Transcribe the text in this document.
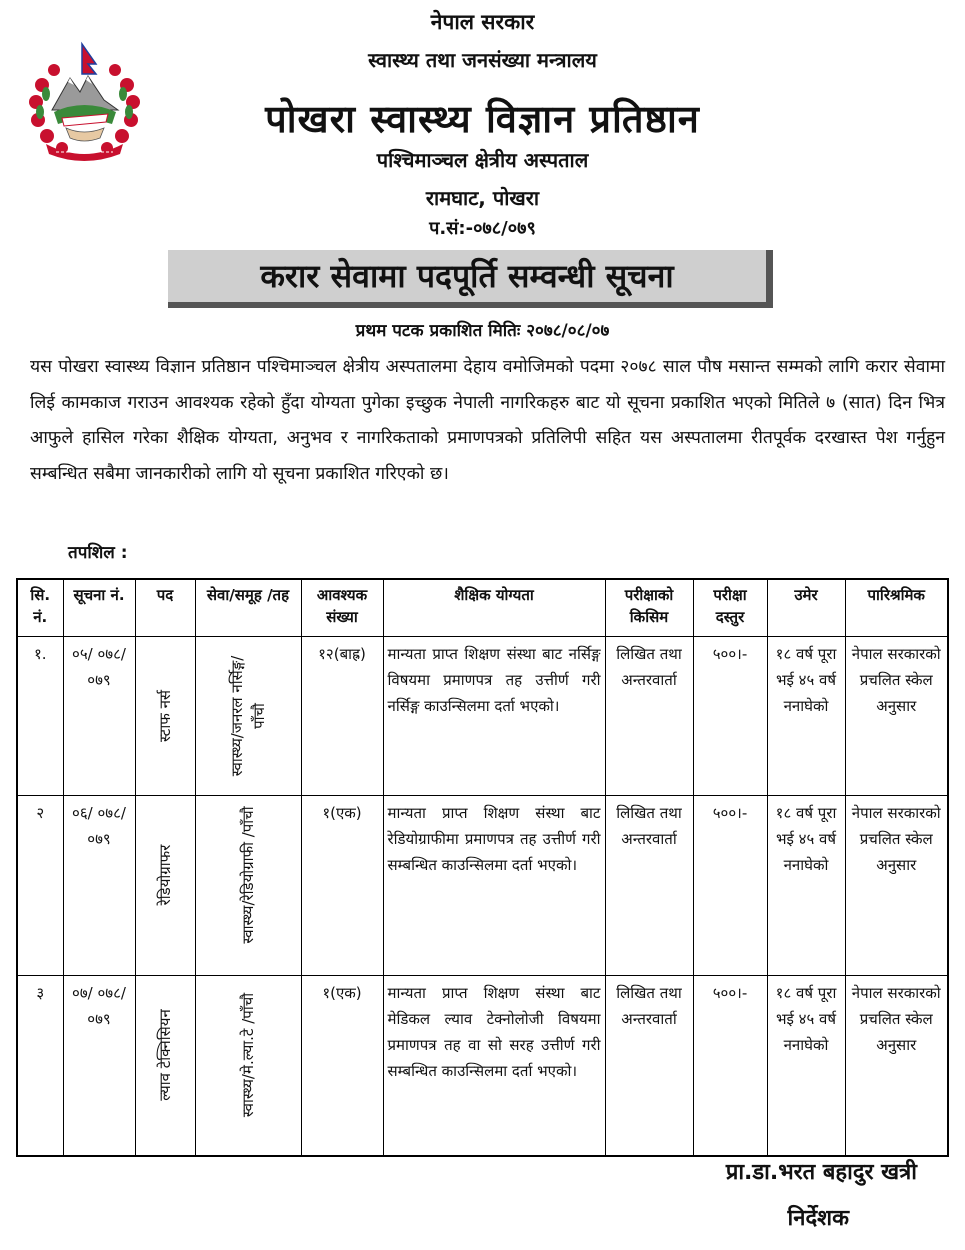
नेपाल सरकार
स्वास्थ्य तथा जनसंख्या मन्त्रालय
पोखरा स्वास्थ्य विज्ञान प्रतिष्ठान
पश्चिमाञ्चल क्षेत्रीय अस्पताल
रामघाट, पोखरा
प.सं:-०७८/०७९
करार सेवामा पदपूर्ति सम्वन्धी सूचना
प्रथम पटक प्रकाशित मितिः २०७८/०८/०७
यस पोखरा स्वास्थ्य विज्ञान प्रतिष्ठान पश्चिमाञ्चल क्षेत्रीय अस्पतालमा देहाय वमोजिमको पदमा २०७८ साल पौष मसान्त सम्मको लागि करार सेवामा लिई कामकाज गराउन आवश्यक रहेको हुँदा योग्यता पुगेका इच्छुक नेपाली नागरिकहरु बाट यो सूचना प्रकाशित भएको मितिले ७ (सात) दिन भित्र आफुले हासिल गरेका शैक्षिक योग्यता, अनुभव र नागरिकताको प्रमाणपत्रको प्रतिलिपी सहित यस अस्पतालमा रीतपूर्वक दरखास्त पेश गर्नुहुन सम्बन्धित सबैमा जानकारीको लागि यो सूचना प्रकाशित गरिएको छ।
तपशिल :
सि. नं.	सूचना नं.	पद	सेवा/समूह /तह	आवश्यक संख्या	शैक्षिक योग्यता	परीक्षाको किसिम	परीक्षा दस्तुर	उमेर	पारिश्रमिक
१.	०५/ ०७८/ ०७९	स्टाफ नर्स	स्वास्थ्य/जनरल नर्सिङ्ग/पाँचौ	१२(बाह्र)	मान्यता प्राप्त शिक्षण संस्था बाट नर्सिङ्ग विषयमा प्रमाणपत्र तह उत्तीर्ण गरी नर्सिङ्ग काउन्सिलमा दर्ता भएको।	लिखित तथा अन्तरवार्ता	५००।-	१८ वर्ष पूरा भई ४५ वर्ष ननाघेको	नेपाल सरकारको प्रचलित स्केल अनुसार
२	०६/ ०७८/ ०७९	रेडियोग्राफर	स्वास्थ्य/रेडियोग्राफी /पाँचौ	१(एक)	मान्यता प्राप्त शिक्षण संस्था बाट रेडियोग्राफीमा प्रमाणपत्र तह उत्तीर्ण गरी सम्बन्धित काउन्सिलमा दर्ता भएको।	लिखित तथा अन्तरवार्ता	५००।-	१८ वर्ष पूरा भई ४५ वर्ष ननाघेको	नेपाल सरकारको प्रचलित स्केल अनुसार
३	०७/ ०७८/ ०७९	ल्याव टेक्निसियन	स्वास्थ्य/मे.ल्या.टे /पाँचौ	१(एक)	मान्यता प्राप्त शिक्षण संस्था बाट मेडिकल ल्याव टेक्नोलोजी विषयमा प्रमाणपत्र तह वा सो सरह उत्तीर्ण गरी सम्बन्धित काउन्सिलमा दर्ता भएको।	लिखित तथा अन्तरवार्ता	५००।-	१८ वर्ष पूरा भई ४५ वर्ष ननाघेको	नेपाल सरकारको प्रचलित स्केल अनुसार
प्रा.डा.भरत बहादुर खत्री
निर्देशक
